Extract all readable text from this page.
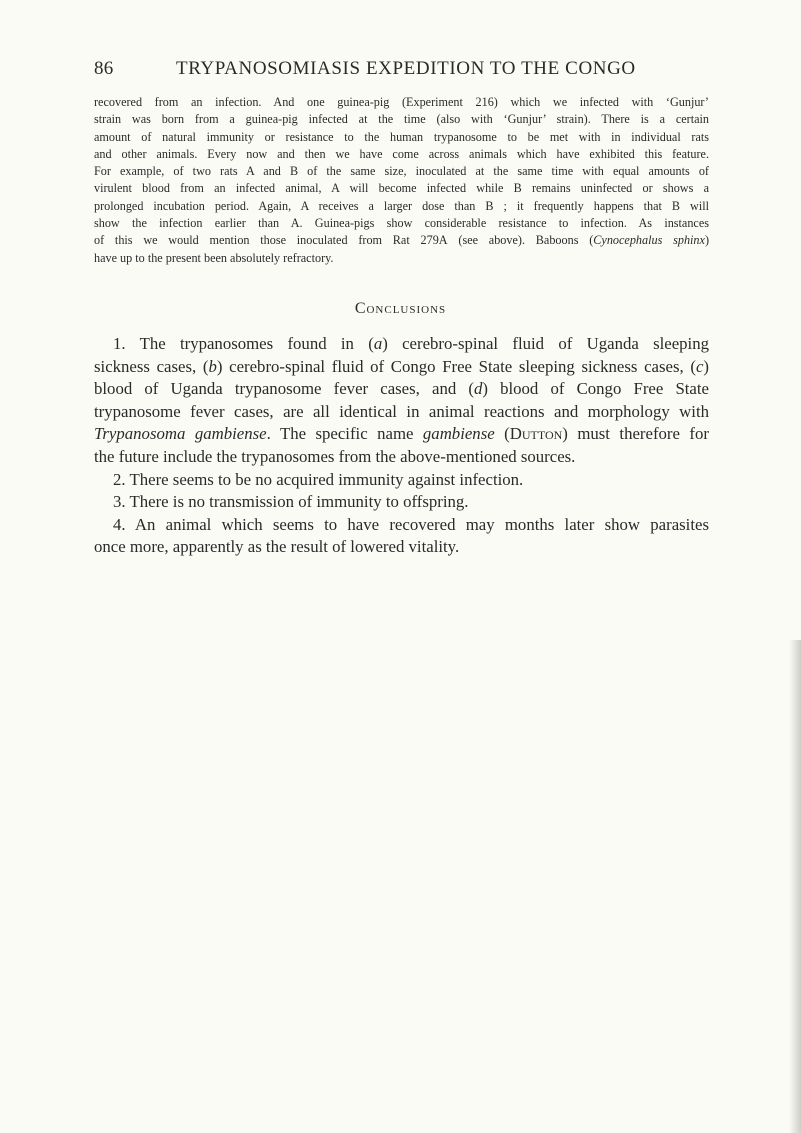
86	TRYPANOSOMIASIS EXPEDITION TO THE CONGO
recovered from an infection. And one guinea-pig (Experiment 216) which we infected with ‘Gunjur’
strain was born from a guinea-pig infected at the time (also with ‘Gunjur’ strain). There is a certain
amount of natural immunity or resistance to the human trypanosome to be met with in individual rats
and other animals. Every now and then we have come across animals which have exhibited this feature.
For example, of two rats A and B of the same size, inoculated at the same time with equal amounts of
virulent blood from an infected animal, A will become infected while B remains uninfected or shows a
prolonged incubation period. Again, A receives a larger dose than B ; it frequently happens that B will
show the infection earlier than A. Guinea-pigs show considerable resistance to infection. As instances
of this we would mention those inoculated from Rat 279A (see above). Baboons (Cynocephalus sphinx)
have up to the present been absolutely refractory.
Conclusions
1. The trypanosomes found in (a) cerebro-spinal fluid of Uganda sleeping
sickness cases, (b) cerebro-spinal fluid of Congo Free State sleeping sickness cases, (c)
blood of Uganda trypanosome fever cases, and (d) blood of Congo Free State
trypanosome fever cases, are all identical in animal reactions and morphology with
Trypanosoma gambiense. The specific name gambiense (Dutton) must therefore for
the future include the trypanosomes from the above-mentioned sources.
2. There seems to be no acquired immunity against infection.
3. There is no transmission of immunity to offspring.
4. An animal which seems to have recovered may months later show parasites
once more, apparently as the result of lowered vitality.
